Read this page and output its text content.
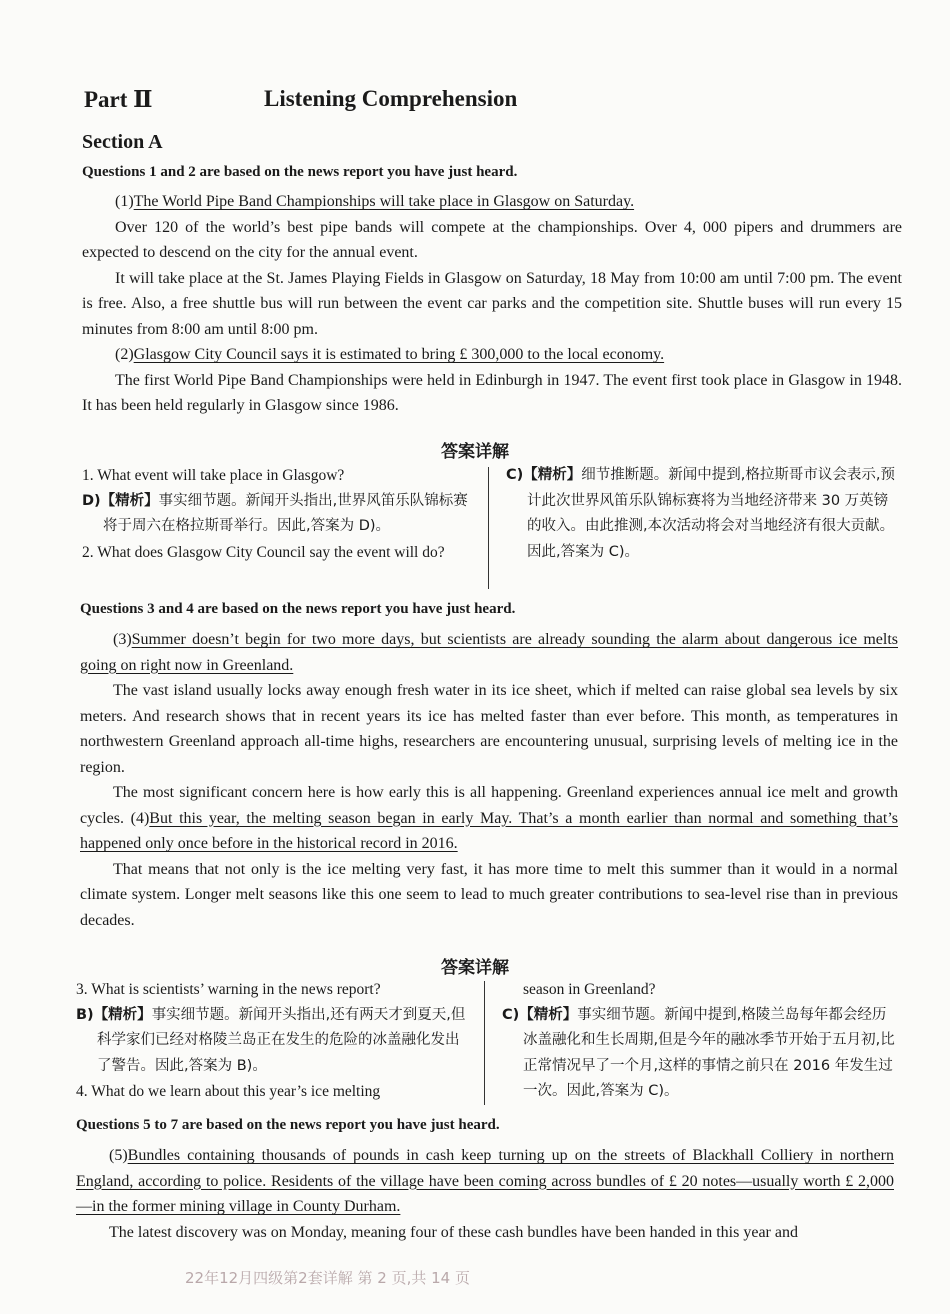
Part Ⅱ	Listening Comprehension
Section A
Questions 1 and 2 are based on the news report you have just heard.

(1)The World Pipe Band Championships will take place in Glasgow on Saturday.

Over 120 of the world’s best pipe bands will compete at the championships. Over 4, 000 pipers and drummers are expected to descend on the city for the annual event.

It will take place at the St. James Playing Fields in Glasgow on Saturday, 18 May from 10:00 am until 7:00 pm. The event is free. Also, a free shuttle bus will run between the event car parks and the competition site. Shuttle buses will run every 15 minutes from 8:00 am until 8:00 pm.

(2)Glasgow City Council says it is estimated to bring £ 300,000 to the local economy.

The first World Pipe Band Championships were held in Edinburgh in 1947. The event first took place in Glasgow in 1948. It has been held regularly in Glasgow since 1986.

答案详解

1. What event will take place in Glasgow?

D)【精析】事实细节题。新闻开头指出,世界风笛乐队锦标赛将于周六在格拉斯哥举行。因此,答案为 D)。

2. What does Glasgow City Council say the event will do?

C)【精析】细节推断题。新闻中提到,格拉斯哥市议会表示,预计此次世界风笛乐队锦标赛将为当地经济带来 30 万英镑的收入。由此推测,本次活动将会对当地经济有很大贡献。因此,答案为 C)。

Questions 3 and 4 are based on the news report you have just heard.

(3)Summer doesn’t begin for two more days, but scientists are already sounding the alarm about dangerous ice melts going on right now in Greenland.

The vast island usually locks away enough fresh water in its ice sheet, which if melted can raise global sea levels by six meters. And research shows that in recent years its ice has melted faster than ever before. This month, as temperatures in northwestern Greenland approach all-time highs, researchers are encountering unusual, surprising levels of melting ice in the region.

The most significant concern here is how early this is all happening. Greenland experiences annual ice melt and growth cycles. (4)But this year, the melting season began in early May. That’s a month earlier than normal and something that’s happened only once before in the historical record in 2016.

That means that not only is the ice melting very fast, it has more time to melt this summer than it would in a normal climate system. Longer melt seasons like this one seem to lead to much greater contributions to sea-level rise than in previous decades.

答案详解

3. What is scientists’ warning in the news report?

B)【精析】事实细节题。新闻开头指出,还有两天才到夏天,但科学家们已经对格陵兰岛正在发生的危险的冰盖融化发出了警告。因此,答案为 B)。

4. What do we learn about this year’s ice melting

season in Greenland?

C)【精析】事实细节题。新闻中提到,格陵兰岛每年都会经历冰盖融化和生长周期,但是今年的融冰季节开始于五月初,比正常情况早了一个月,这样的事情之前只在 2016 年发生过一次。因此,答案为 C)。

Questions 5 to 7 are based on the news report you have just heard.

(5)Bundles containing thousands of pounds in cash keep turning up on the streets of Blackhall Colliery in northern England, according to police. Residents of the village have been coming across bundles of £ 20 notes—usually worth £ 2,000—in the former mining village in County Durham.

The latest discovery was on Monday, meaning four of these cash bundles have been handed in this year and

22年12月四级第2套详解 第 2 页,共 14 页
